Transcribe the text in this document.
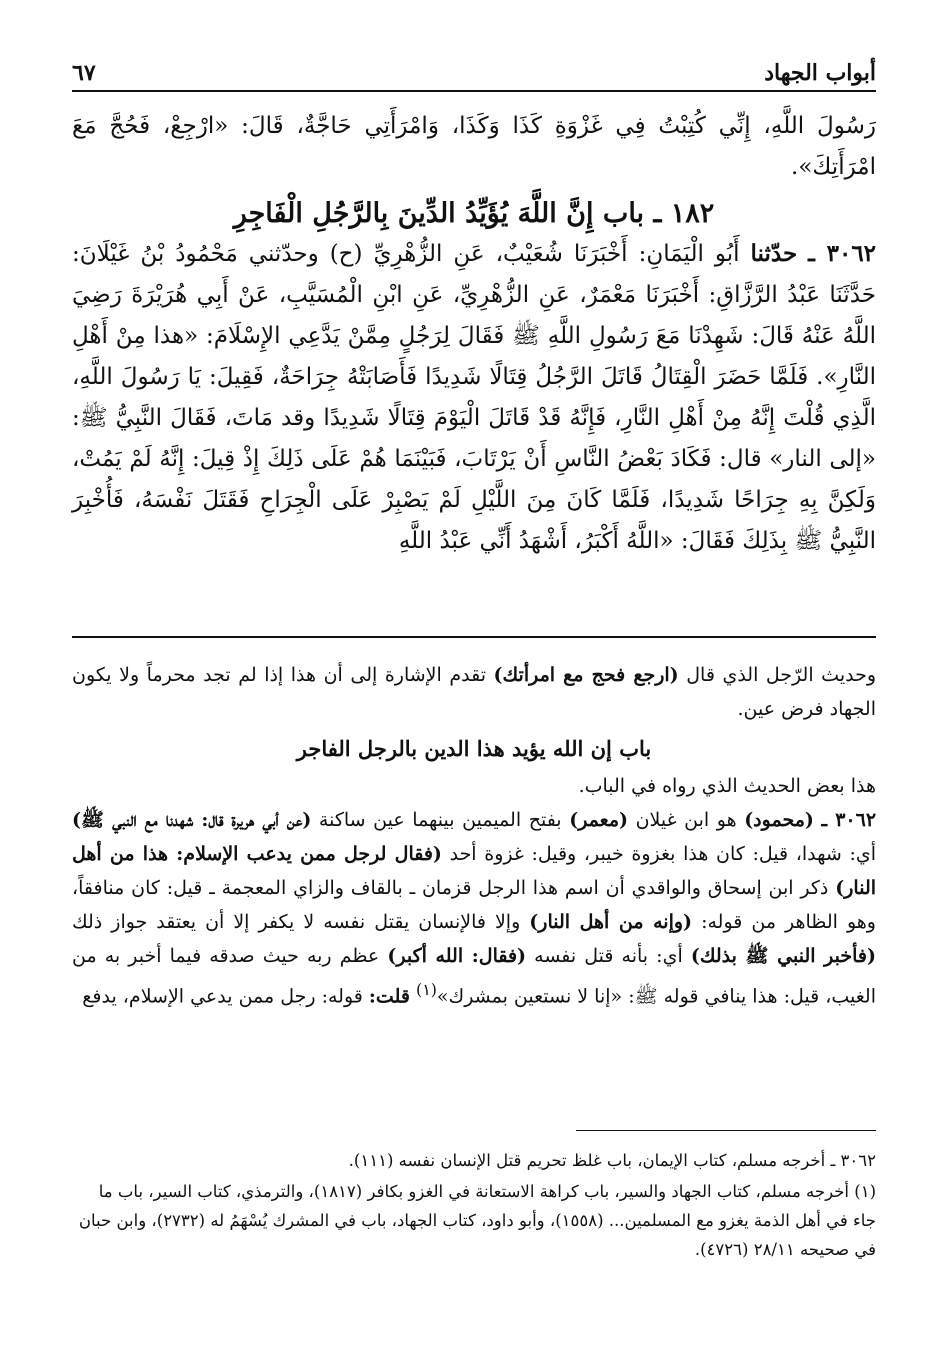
أبواب الجهاد
٦٧

رَسُولَ اللَّهِ، إِنِّي كُتِبْتُ فِي غَزْوَةِ كَذَا وَكَذَا، وَامْرَأَتِي حَاجَّةٌ، قَالَ: «ارْجِعْ، فَحُجَّ مَعَ امْرَأَتِكَ».

١٨٢ ـ باب إِنَّ اللَّهَ يُؤَيِّدُ الدِّينَ بِالرَّجُلِ الْفَاجِرِ

٣٠٦٢ ـ حدّثنا أَبُو الْيَمَانِ: أَخْبَرَنَا شُعَيْبٌ، عَنِ الزُّهْرِيِّ (ح) وحدّثني مَحْمُودُ بْنُ غَيْلَانَ: حَدَّثَنَا عَبْدُ الرَّزَّاقِ: أَخْبَرَنَا مَعْمَرٌ، عَنِ الزُّهْرِيِّ، عَنِ ابْنِ الْمُسَيَّبِ، عَنْ أَبِي هُرَيْرَةَ رَضِيَ اللَّهُ عَنْهُ قَالَ: شَهِدْنَا مَعَ رَسُولِ اللَّهِ ﷺ فَقَالَ لِرَجُلٍ مِمَّنْ يَدَّعِي الإِسْلَامَ: «هذا مِنْ أَهْلِ النَّارِ». فَلَمَّا حَضَرَ الْقِتَالُ قَاتَلَ الرَّجُلُ قِتَالًا شَدِيدًا فَأَصَابَتْهُ جِرَاحَةٌ، فَقِيلَ: يَا رَسُولَ اللَّهِ، الَّذِي قُلْتَ إِنَّهُ مِنْ أَهْلِ النَّارِ، فَإِنَّهُ قَدْ قَاتَلَ الْيَوْمَ قِتَالًا شَدِيدًا وقد مَاتَ، فَقَالَ النَّبِيُّ ﷺ: «إلى النار» قال: فَكَادَ بَعْضُ النَّاسِ أَنْ يَرْتَابَ، فَبَيْنَمَا هُمْ عَلَى ذَلِكَ إِذْ قِيلَ: إِنَّهُ لَمْ يَمُتْ، وَلَكِنَّ بِهِ جِرَاحًا شَدِيدًا، فَلَمَّا كَانَ مِنَ اللَّيْلِ لَمْ يَصْبِرْ عَلَى الْجِرَاحِ فَقَتَلَ نَفْسَهُ، فَأُخْبِرَ النَّبِيُّ ﷺ بِذَلِكَ فَقَالَ: «اللَّهُ أَكْبَرُ، أَشْهَدُ أَنِّي عَبْدُ اللَّهِ

وحديث الرّجل الذي قال (ارجع فحج مع امرأتك) تقدم الإشارة إلى أن هذا إذا لم تجد محرماً ولا يكون الجهاد فرض عين.

باب إن الله يؤيد هذا الدين بالرجل الفاجر

هذا بعض الحديث الذي رواه في الباب.

٣٠٦٢ ـ (محمود) هو ابن غيلان (معمر) بفتح الميمين بينهما عين ساكنة (عن أبي هريرة قال: شهدنا مع النبي ﷺ) أي: شهدا، قيل: كان هذا بغزوة خيبر، وقيل: غزوة أحد (فقال لرجل ممن يدعب الإسلام: هذا من أهل النار) ذكر ابن إسحاق والواقدي أن اسم هذا الرجل قزمان ـ بالقاف والزاي المعجمة ـ قيل: كان منافقاً، وهو الظاهر من قوله: (وإنه من أهل النار) وإلا فالإنسان يقتل نفسه لا يكفر إلا أن يعتقد جواز ذلك (فأخبر النبي ﷺ بذلك) أي: بأنه قتل نفسه (فقال: الله أكبر) عظم ربه حيث صدقه فيما أخبر به من الغيب، قيل: هذا ينافي قوله ﷺ: «إنا لا نستعين بمشرك»$^{(١)}$ قلت: قوله: رجل ممن يدعي الإسلام، يدفع

٣٠٦٢ ـ أخرجه مسلم، كتاب الإيمان، باب غلظ تحريم قتل الإنسان نفسه (١١١).

(١) أخرجه مسلم، كتاب الجهاد والسير، باب كراهة الاستعانة في الغزو بكافر (١٨١٧)، والترمذي، كتاب السير، باب ما جاء في أهل الذمة يغزو مع المسلمين... (١٥٥٨)، وأبو داود، كتاب الجهاد، باب في المشرك يُسْهَمُ له (٢٧٣٢)، وابن حبان في صحيحه ٢٨/١١ (٤٧٢٦).
